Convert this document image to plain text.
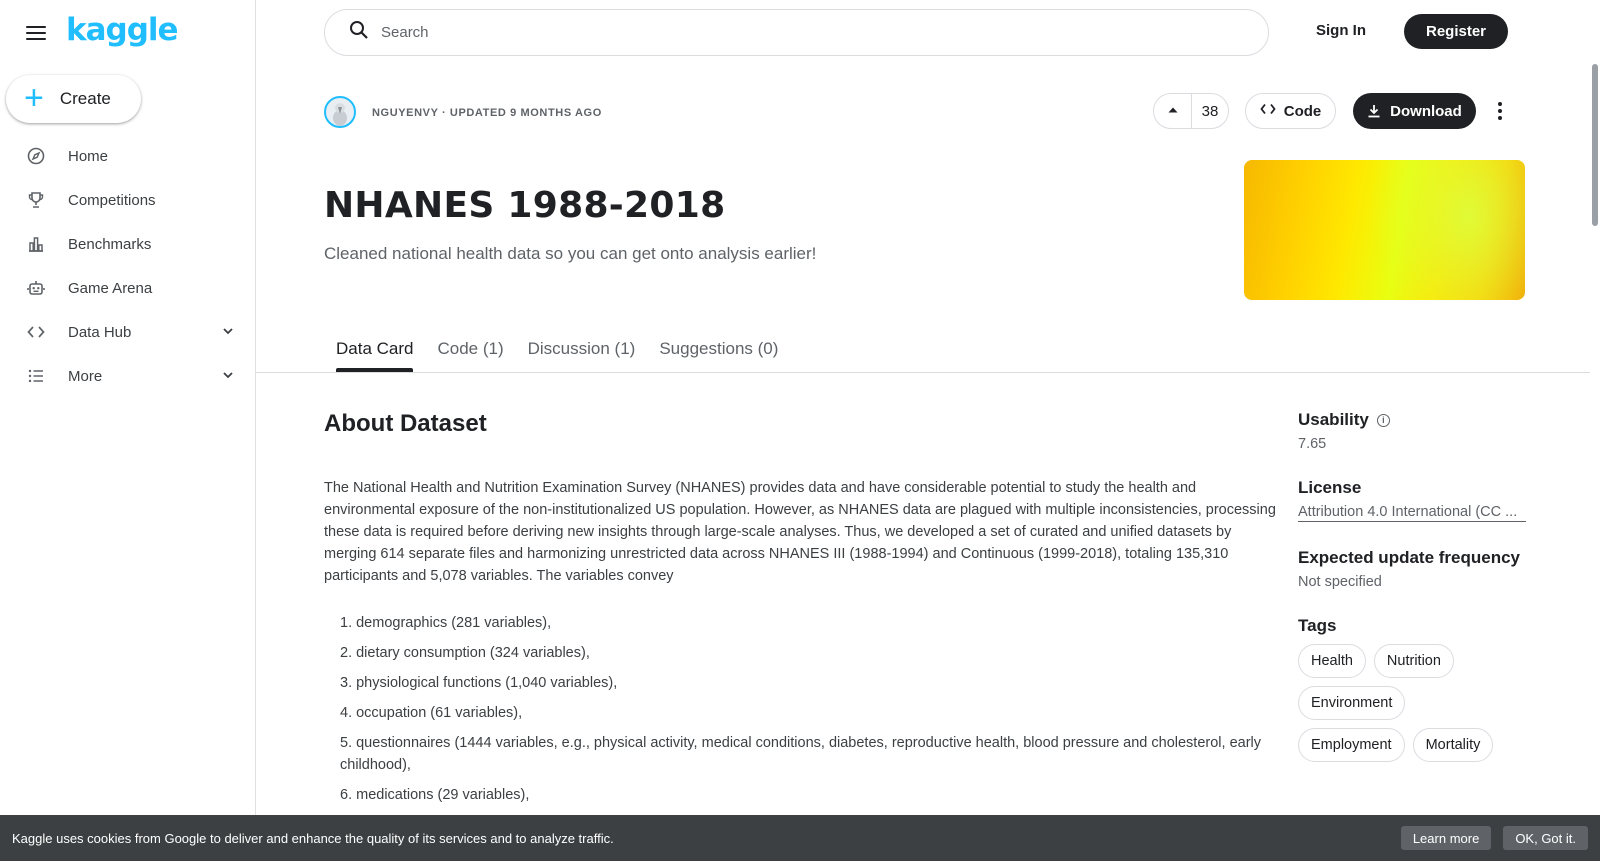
kaggle
+ Create
Home
Competitions
Benchmarks
Game Arena
Data Hub
More
Search
Sign In	Register
NGUYENVY · UPDATED 9 MONTHS AGO	38	Code	Download
NHANES 1988-2018
Cleaned national health data so you can get onto analysis earlier!
Data Card Code (1) Discussion (1) Suggestions (0)
About Dataset
The National Health and Nutrition Examination Survey (NHANES) provides data and have considerable potential to study the health and environmental exposure of the non-institutionalized US population. However, as NHANES data are plagued with multiple inconsistencies, processing these data is required before deriving new insights through large-scale analyses. Thus, we developed a set of curated and unified datasets by merging 614 separate files and harmonizing unrestricted data across NHANES III (1988-1994) and Continuous (1999-2018), totaling 135,310 participants and 5,078 variables. The variables convey
1. demographics (281 variables),
2. dietary consumption (324 variables),
3. physiological functions (1,040 variables),
4. occupation (61 variables),
5. questionnaires (1444 variables, e.g., physical activity, medical conditions, diabetes, reproductive health, blood pressure and cholesterol, early childhood),
6. medications (29 variables),
Usability	i
7.65
License
Attribution 4.0 International (CC ...
Expected update frequency
Not specified
Tags
Health	Nutrition
Environment
Employment	Mortality
Kaggle uses cookies from Google to deliver and enhance the quality of its services and to analyze traffic.	Learn more	OK, Got it.
